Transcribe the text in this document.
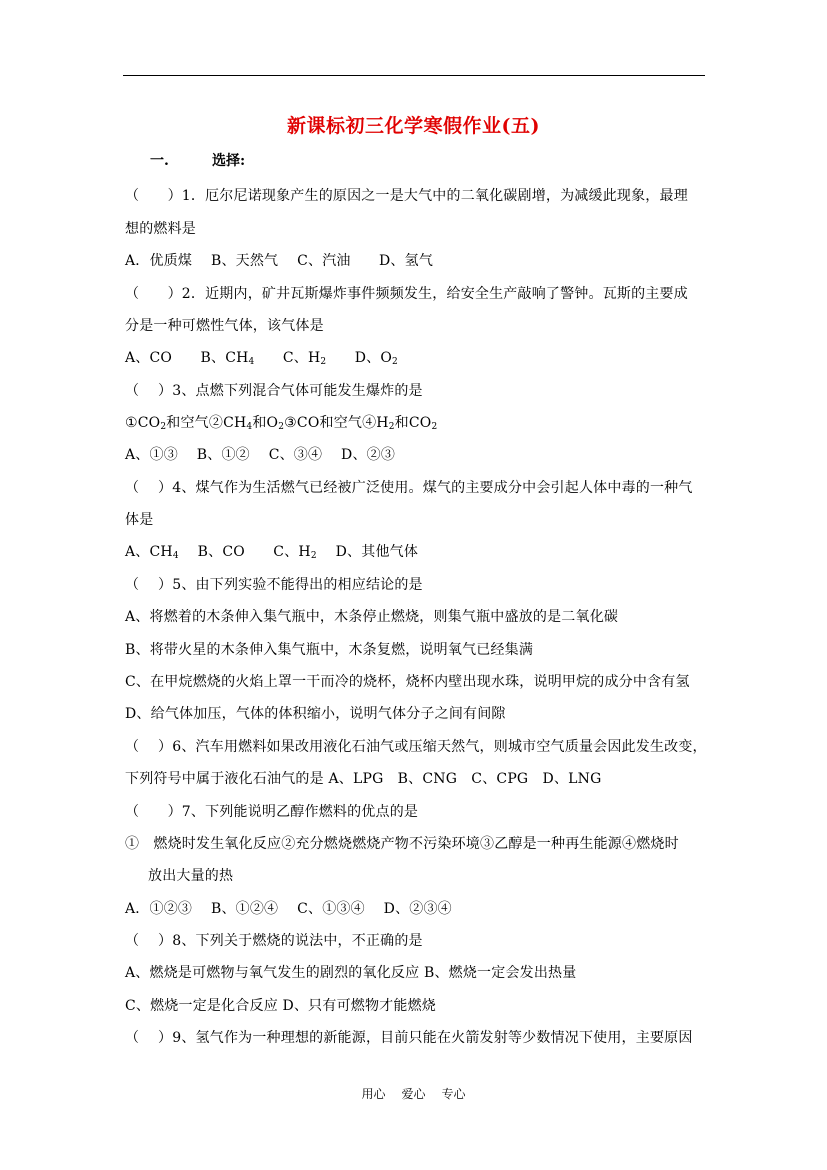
新课标初三化学寒假作业(五)
一.	选择:
（　　）1．厄尔尼诺现象产生的原因之一是大气中的二氧化碳剧增，为减缓此现象，最理
想的燃料是
A．优质煤　 B、天然气　 C、汽油　　D、氢气
（　　）2．近期内，矿井瓦斯爆炸事件频频发生，给安全生产敲响了警钟。瓦斯的主要成
分是一种可燃性气体，该气体是
A、CO　　B、$CH_4$　　C、$H_2$　　D、$O_2$
（　 ）3、点燃下列混合气体可能发生爆炸的是
$①CO_2$和空气$②CH_4$和$O_2③CO$和空气$④H_2$和$CO_2$
A、①③　 B、①②　 C、③④　 D、②③
（　 ）4、煤气作为生活燃气已经被广泛使用。煤气的主要成分中会引起人体中毒的一种气
体是
A、$CH_4$　 B、CO　　C、$H_2$　 D、其他气体
（　 ）5、由下列实验不能得出的相应结论的是
A、将燃着的木条伸入集气瓶中，木条停止燃烧，则集气瓶中盛放的是二氧化碳
B、将带火星的木条伸入集气瓶中，木条复燃，说明氧气已经集满
C、在甲烷燃烧的火焰上罩一干而冷的烧杯，烧杯内壁出现水珠，说明甲烷的成分中含有氢
D、给气体加压，气体的体积缩小，说明气体分子之间有间隙
（　 ）6、汽车用燃料如果改用液化石油气或压缩天然气，则城市空气质量会因此发生改变，
下列符号中属于液化石油气的是 A、LPG　B、CNG　C、CPG　D、LNG
（　　）7、下列能说明乙醇作燃料的优点的是
①　燃烧时发生氧化反应②充分燃烧燃烧产物不污染环境③乙醇是一种再生能源④燃烧时
放出大量的热
A．①②③　 B、①②④　 C、①③④　 D、②③④
（　 ）8、下列关于燃烧的说法中，不正确的是
A、燃烧是可燃物与氧气发生的剧烈的氧化反应 B、燃烧一定会发出热量
C、燃烧一定是化合反应 D、只有可燃物才能燃烧
（　 ）9、氢气作为一种理想的新能源，目前只能在火箭发射等少数情况下使用，主要原因
用心 爱心 专心
